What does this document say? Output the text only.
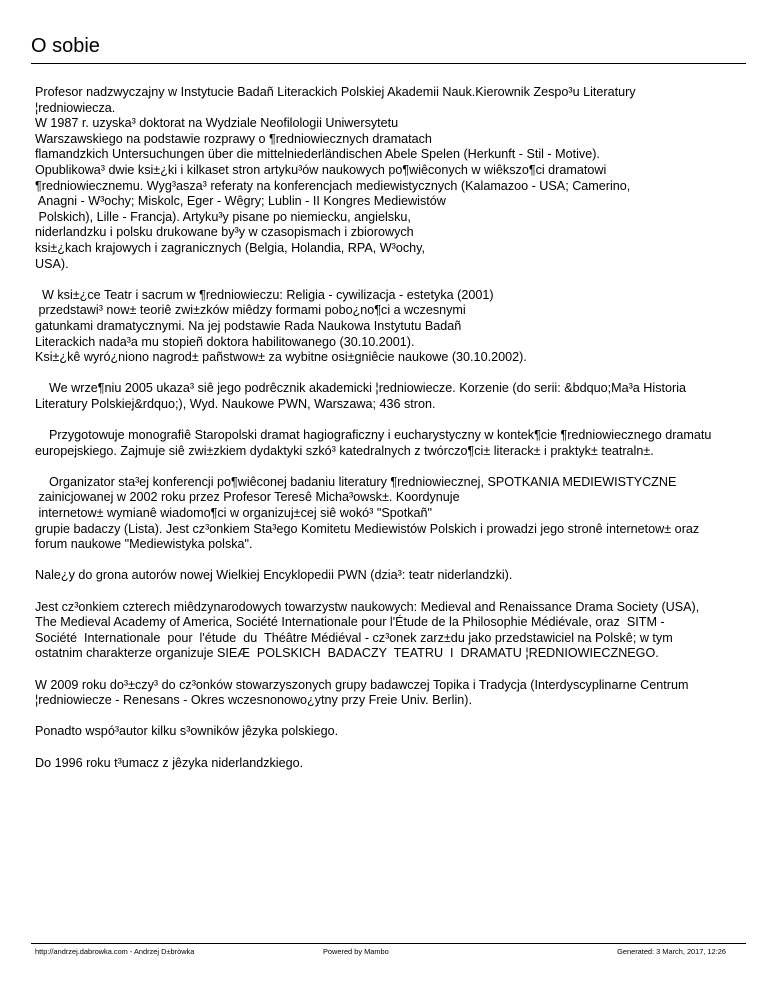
O sobie

Profesor nadzwyczajny w Instytucie Badañ Literackich Polskiej Akademii Nauk.Kierownik Zespo³u Literatury
¦redniowiecza.
W 1987 r. uzyska³ doktorat na Wydziale Neofilologii Uniwersytetu
Warszawskiego na podstawie rozprawy o ¶redniowiecznych dramatach
flamandzkich Untersuchungen über die mittelniederländischen Abele Spelen (Herkunft - Stil - Motive).
Opublikowa³ dwie ksi±¿ki i kilkaset stron artyku³ów naukowych po¶wiêconych w wiêkszo¶ci dramatowi
¶redniowiecznemu. Wyg³asza³ referaty na konferencjach mediewistycznych (Kalamazoo - USA; Camerino,
Anagni - W³ochy; Miskolc, Eger - Wêgry; Lublin - II Kongres Mediewistów
Polskich), Lille - Francja). Artyku³y pisane po niemiecku, angielsku,
niderlandzku i polsku drukowane by³y w czasopismach i zbiorowych
ksi±¿kach krajowych i zagranicznych (Belgia, Holandia, RPA, W³ochy,
USA).

W ksi±¿ce Teatr i sacrum w ¶redniowieczu: Religia - cywilizacja - estetyka (2001)
przedstawi³ now± teoriê zwi±zków miêdzy formami pobo¿no¶ci a wczesnymi
gatunkami dramatycznymi. Na jej podstawie Rada Naukowa Instytutu Badañ
Literackich nada³a mu stopieñ doktora habilitowanego (30.10.2001).
Ksi±¿kê wyró¿niono nagrod± pañstwow± za wybitne osi±gniêcie naukowe (30.10.2002).

We wrze¶niu 2005 ukaza³ siê jego podrêcznik akademicki ¦redniowiecze. Korzenie (do serii: &bdquo;Ma³a Historia
Literatury Polskiej&rdquo;), Wyd. Naukowe PWN, Warszawa; 436 stron.

Przygotowuje monografiê Staropolski dramat hagiograficzny i eucharystyczny w kontek¶cie ¶redniowiecznego dramatu
europejskiego. Zajmuje siê zwi±zkiem dydaktyki szkó³ katedralnych z twórczo¶ci± literack± i praktyk± teatraln±.

Organizator sta³ej konferencji po¶wiêconej badaniu literatury ¶redniowiecznej, SPOTKANIA MEDIEWISTYCZNE
zainicjowanej w 2002 roku przez Profesor Teresê Micha³owsk±. Koordynuje
internetow± wymianê wiadomo¶ci w organizuj±cej siê wokó³ "Spotkañ"
grupie badaczy (Lista). Jest cz³onkiem Sta³ego Komitetu Mediewistów Polskich i prowadzi jego stronê internetow± oraz
forum naukowe "Mediewistyka polska".

Nale¿y do grona autorów nowej Wielkiej Encyklopedii PWN (dzia³: teatr niderlandzki).

Jest cz³onkiem czterech miêdzynarodowych towarzystw naukowych: Medieval and Renaissance Drama Society (USA),
The Medieval Academy of America, Société Internationale pour l'Étude de la Philosophie Médiévale, oraz  SITM -
Société  Internationale  pour  l'étude  du  Théâtre Médiéval - cz³onek zarz±du jako przedstawiciel na Polskê; w tym
ostatnim charakterze organizuje SIEÆ  POLSKICH  BADACZY  TEATRU  I  DRAMATU ¦REDNIOWIECZNEGO.

W 2009 roku do³±czy³ do cz³onków stowarzyszonych grupy badawczej Topika i Tradycja (Interdyscyplinarne Centrum
¦redniowiecze - Renesans - Okres wczesnonowo¿ytny przy Freie Univ. Berlin).

Ponadto wspó³autor kilku s³owników jêzyka polskiego.

Do 1996 roku t³umacz z jêzyka niderlandzkiego.

http://andrzej.dabrowka.com - Andrzej D±bròwka	Powered by Mambo	Generated: 3 March, 2017, 12:26
